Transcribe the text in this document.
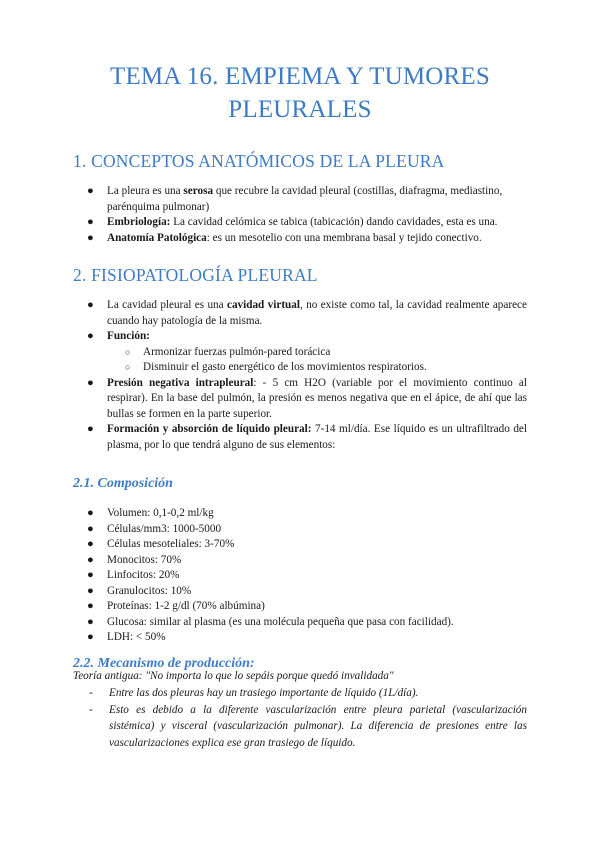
TEMA 16. EMPIEMA Y TUMORES
PLEURALES
1. CONCEPTOS ANATÓMICOS DE LA PLEURA
● La pleura es una serosa que recubre la cavidad pleural (costillas, diafragma, mediastino, parénquima pulmonar)
● Embriología: La cavidad celómica se tabica (tabicación) dando cavidades, esta es una.
● Anatomía Patológica: es un mesotelio con una membrana basal y tejido conectivo.
2. FISIOPATOLOGÍA PLEURAL
● La cavidad pleural es una cavidad virtual, no existe como tal, la cavidad realmente aparece cuando hay patología de la misma.
● Función:
○ Armonizar fuerzas pulmón-pared torácica
○ Disminuir el gasto energético de los movimientos respiratorios.
● Presión negativa intrapleural: - 5 cm H2O (variable por el movimiento continuo al respirar). En la base del pulmón, la presión es menos negativa que en el ápice, de ahí que las bullas se formen en la parte superior.
● Formación y absorción de líquido pleural: 7-14 ml/día. Ese líquido es un ultrafiltrado del plasma, por lo que tendrá alguno de sus elementos:
2.1. Composición
● Volumen: 0,1-0,2 ml/kg
● Células/mm3: 1000-5000
● Células mesoteliales: 3-70%
● Monocitos: 70%
● Linfocitos: 20%
● Granulocitos: 10%
● Proteínas: 1-2 g/dl (70% albúmina)
● Glucosa: similar al plasma (es una molécula pequeña que pasa con facilidad).
● LDH: < 50%
2.2. Mecanismo de producción:
Teoría antigua: "No importa lo que lo sepáis porque quedó invalidada"
- Entre las dos pleuras hay un trasiego importante de líquido (1L/día).
- Esto es debido a la diferente vascularización entre pleura parietal (vascularización sistémica) y visceral (vascularización pulmonar). La diferencia de presiones entre las vascularizaciones explica ese gran trasiego de líquido.
